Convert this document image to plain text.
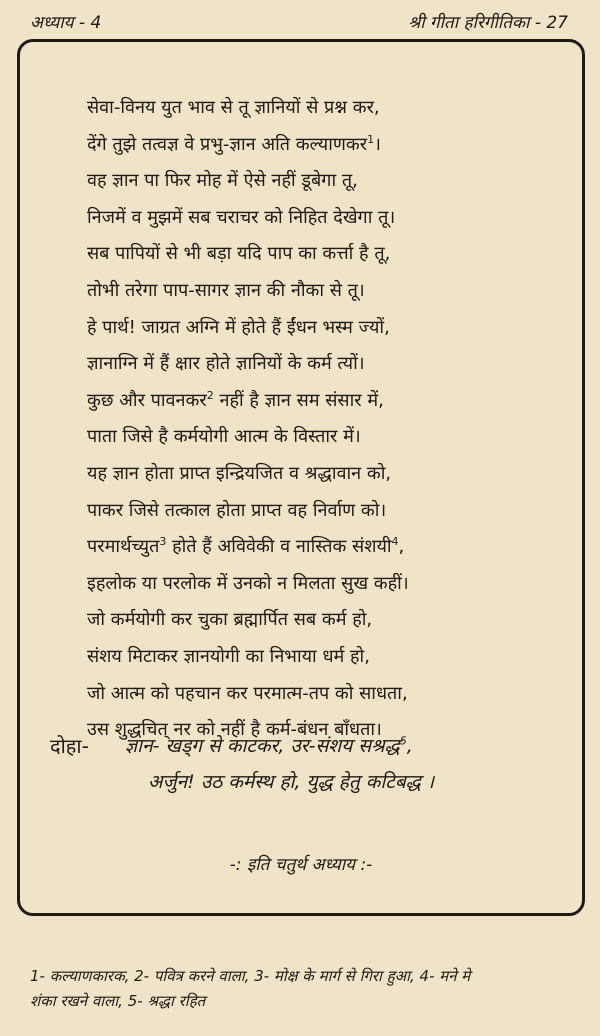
अध्याय - 4	श्री गीता हरिगीतिका - 27
सेवा-विनय युत भाव से तू ज्ञानियों से प्रश्न कर,
देंगे तुझे तत्वज्ञ वे प्रभु-ज्ञान अति कल्याणकर$^1$।
वह ज्ञान पा फिर मोह में ऐसे नहीं डूबेगा तू,
निजमें व मुझमें सब चराचर को निहित देखेगा तू।
सब पापियों से भी बड़ा यदि पाप का कर्त्ता है तू,
तोभी तरेगा पाप-सागर ज्ञान की नौका से तू।
हे पार्थ! जाग्रत अग्नि में होते हैं ईंधन भस्म ज्यों,
ज्ञानाग्नि में हैं क्षार होते ज्ञानियों के कर्म त्यों।
कुछ और पावनकर$^2$ नहीं है ज्ञान सम संसार में,
पाता जिसे है कर्मयोगी आत्म के विस्तार में।
यह ज्ञान होता प्राप्त इन्द्रियजित व श्रद्धावान को,
पाकर जिसे तत्काल होता प्राप्त वह निर्वाण को।
परमार्थच्युत$^3$ होते हैं अविवेकी व नास्तिक संशयी$^4$,
इहलोक या परलोक में उनको न मिलता सुख कहीं।
जो कर्मयोगी कर चुका ब्रह्मार्पित सब कर्म हो,
संशय मिटाकर ज्ञानयोगी का निभाया धर्म हो,
जो आत्म को पहचान कर परमात्म-तप को साधता,
उस शुद्धचित् नर को नहीं है कर्म-बंधन बाँधता।
दोहा- ज्ञान- खड्ग से काटकर, उर-संशय सश्रद्ध$^5$,
अर्जुन! उठ कर्मस्थ हो, युद्ध हेतु कटिबद्ध ।
-: इति चतुर्थ अध्याय :-
1- कल्याणकारक, 2- पवित्र करने वाला, 3- मोक्ष के मार्ग से गिरा हुआ, 4- मने मे
शंका रखने वाला, 5- श्रद्धा रहित
